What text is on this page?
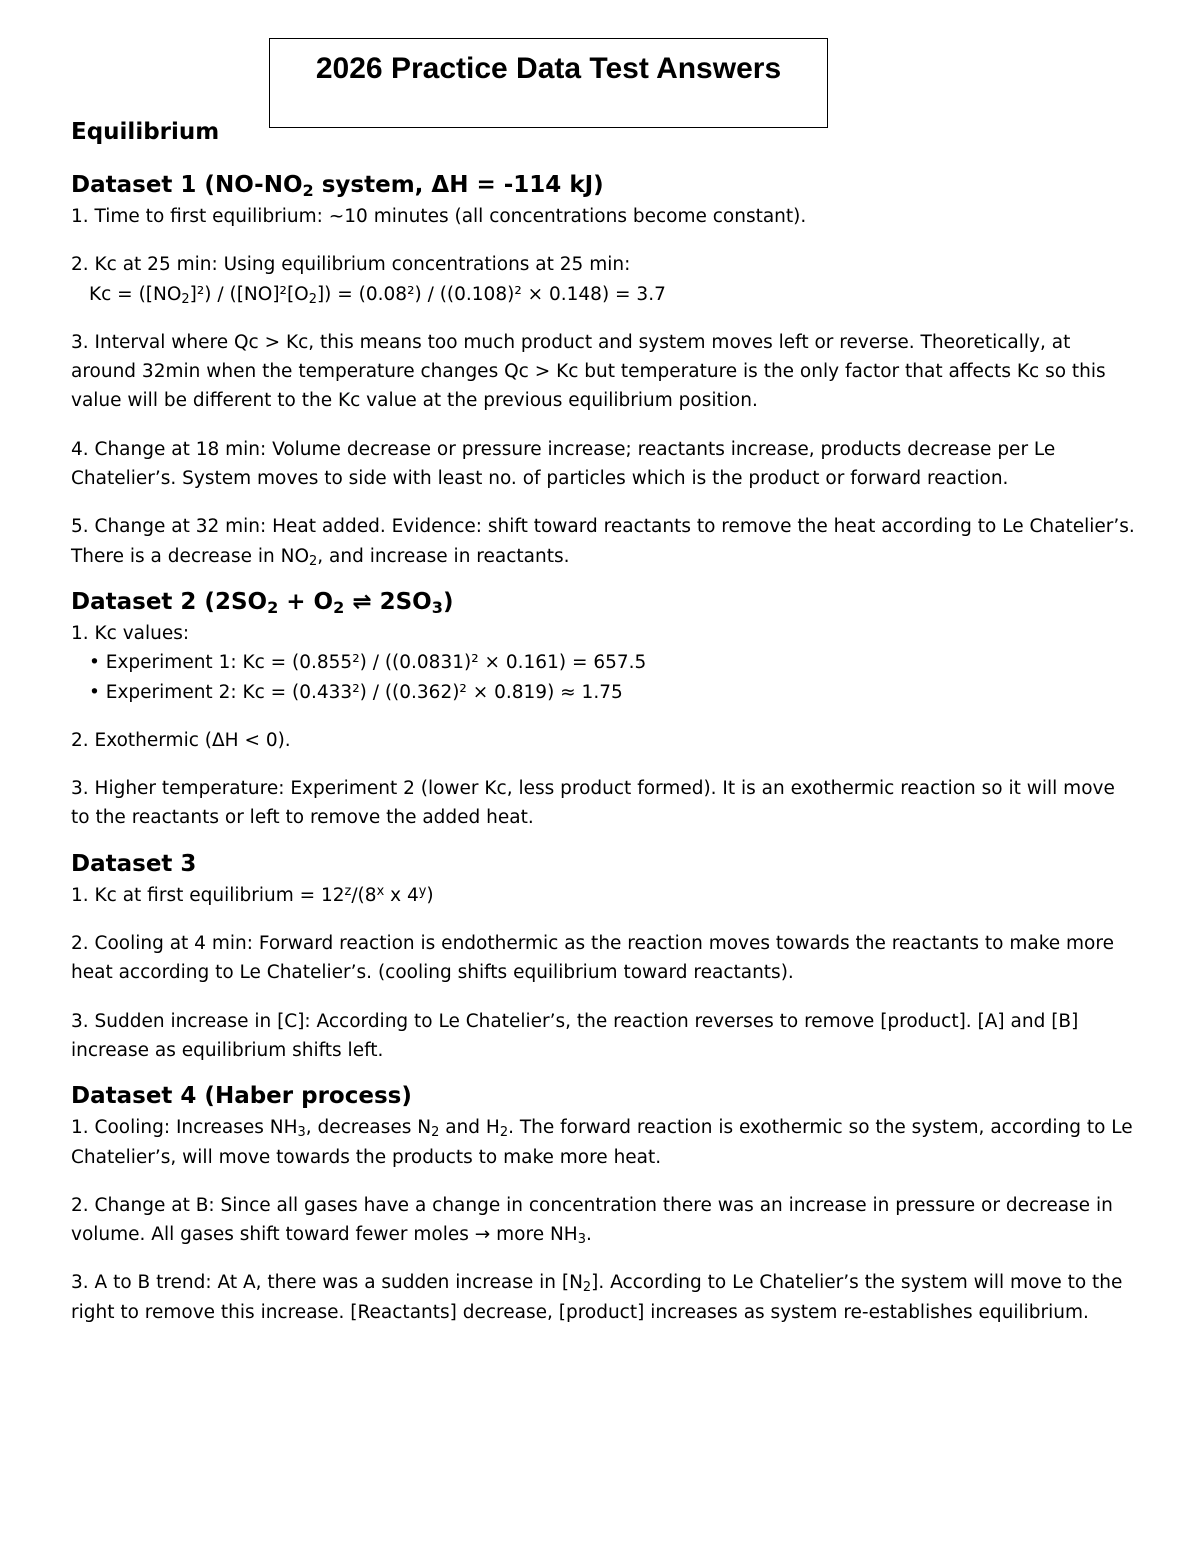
2026 Practice Data Test Answers
Equilibrium
Dataset 1 ($NO-NO_2$ system, ΔH = -114 kJ)
1. Time to first equilibrium: ~10 minutes (all concentrations become constant).
2. Kc at 25 min: Using equilibrium concentrations at 25 min:
$Kc = ([NO_2]^2) / ([NO]^2[O_2]) = (0.08^2) / ((0.108)^2 \times 0.148) = 3.7$
3. Interval where Qc > Kc, this means too much product and system moves left or reverse. Theoretically, at around 32min when the temperature changes Qc > Kc but temperature is the only factor that affects Kc so this value will be different to the Kc value at the previous equilibrium position.
4. Change at 18 min: Volume decrease or pressure increase; reactants increase, products decrease per Le Chatelier’s. System moves to side with least no. of particles which is the product or forward reaction.
5. Change at 32 min: Heat added. Evidence: shift toward reactants to remove the heat according to Le Chatelier’s. There is a decrease in $NO_2$, and increase in reactants.
Dataset 2 ($2SO_2 + O_2$ ⇌ $2SO_3$)
1. Kc values:
• Experiment 1: Kc = (0.855²) / ((0.0831)² × 0.161) = 657.5
• Experiment 2: Kc = (0.433²) / ((0.362)² × 0.819) ≈ 1.75
2. Exothermic (ΔH < 0).
3. Higher temperature: Experiment 2 (lower Kc, less product formed). It is an exothermic reaction so it will move to the reactants or left to remove the added heat.
Dataset 3
1. Kc at first equilibrium = $12^z/(8^x$ x 4$^y$)
2. Cooling at 4 min: Forward reaction is endothermic as the reaction moves towards the reactants to make more heat according to Le Chatelier’s. (cooling shifts equilibrium toward reactants).
3. Sudden increase in [C]: According to Le Chatelier’s, the reaction reverses to remove [product]. [A] and [B] increase as equilibrium shifts left.
Dataset 4 (Haber process)
1. Cooling: Increases $NH_3$, decreases $N_2$ and $H_2$. The forward reaction is exothermic so the system, according to Le Chatelier’s, will move towards the products to make more heat.
2. Change at B: Since all gases have a change in concentration there was an increase in pressure or decrease in volume. All gases shift toward fewer moles → more $NH_3$.
3. A to B trend: At A, there was a sudden increase in $[N_2]$. According to Le Chatelier’s the system will move to the right to remove this increase. [Reactants] decrease, [product] increases as system re-establishes equilibrium.
